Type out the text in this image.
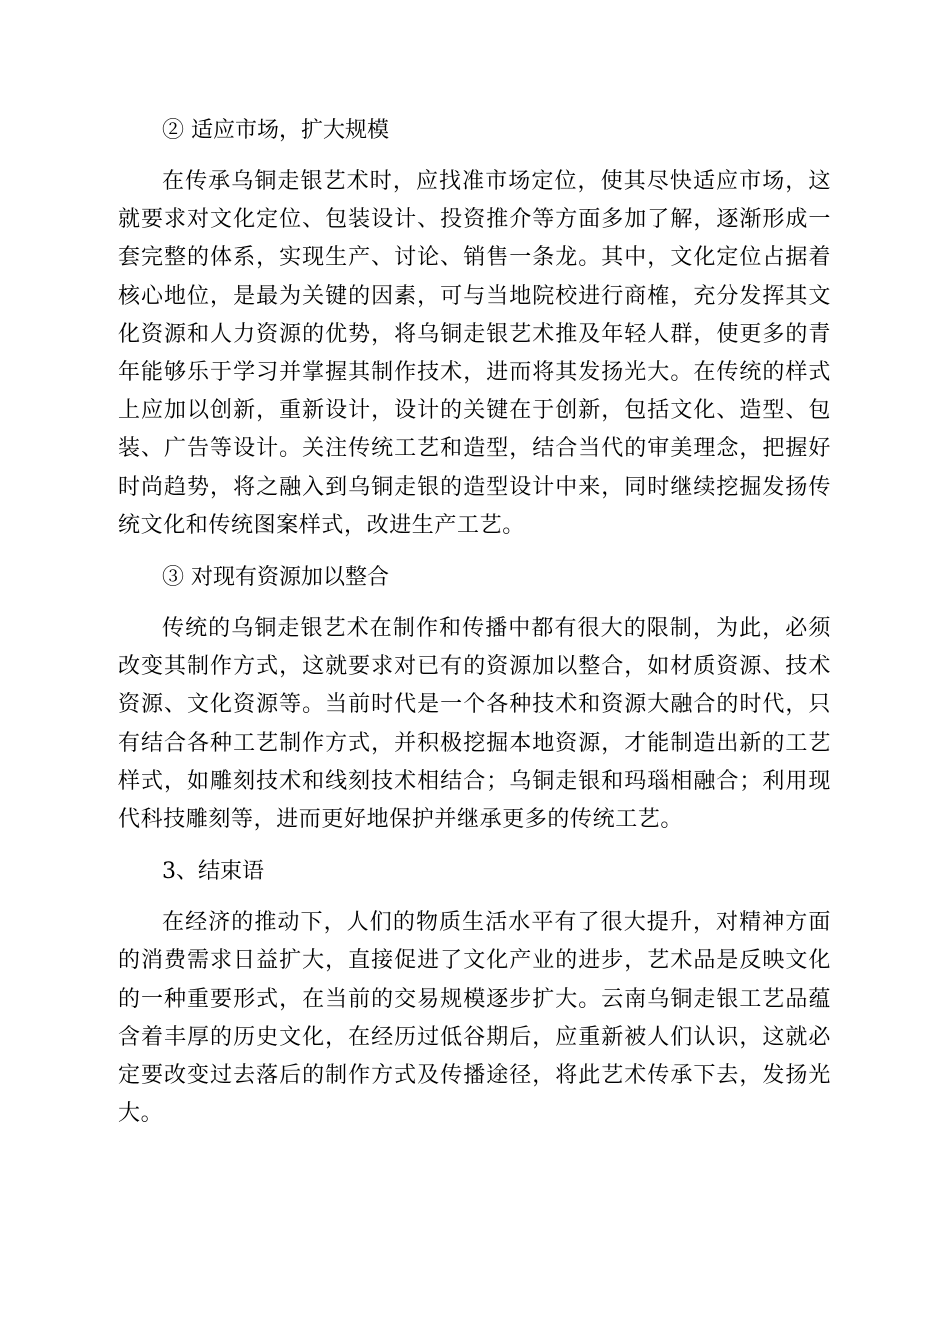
② 适应市场，扩大规模

在传承乌铜走银艺术时，应找准市场定位，使其尽快适应市场，这就要求对文化定位、包装设计、投资推介等方面多加了解，逐渐形成一套完整的体系，实现生产、讨论、销售一条龙。其中，文化定位占据着核心地位，是最为关键的因素，可与当地院校进行商榷，充分发挥其文化资源和人力资源的优势，将乌铜走银艺术推及年轻人群，使更多的青年能够乐于学习并掌握其制作技术，进而将其发扬光大。在传统的样式上应加以创新，重新设计，设计的关键在于创新，包括文化、造型、包装、广告等设计。关注传统工艺和造型，结合当代的审美理念，把握好时尚趋势，将之融入到乌铜走银的造型设计中来，同时继续挖掘发扬传统文化和传统图案样式，改进生产工艺。

③ 对现有资源加以整合

传统的乌铜走银艺术在制作和传播中都有很大的限制，为此，必须改变其制作方式，这就要求对已有的资源加以整合，如材质资源、技术资源、文化资源等。当前时代是一个各种技术和资源大融合的时代，只有结合各种工艺制作方式，并积极挖掘本地资源，才能制造出新的工艺样式，如雕刻技术和线刻技术相结合；乌铜走银和玛瑙相融合；利用现代科技雕刻等，进而更好地保护并继承更多的传统工艺。

3、结束语

在经济的推动下，人们的物质生活水平有了很大提升，对精神方面的消费需求日益扩大，直接促进了文化产业的进步，艺术品是反映文化的一种重要形式，在当前的交易规模逐步扩大。云南乌铜走银工艺品蕴含着丰厚的历史文化，在经历过低谷期后，应重新被人们认识，这就必定要改变过去落后的制作方式及传播途径，将此艺术传承下去，发扬光大。
